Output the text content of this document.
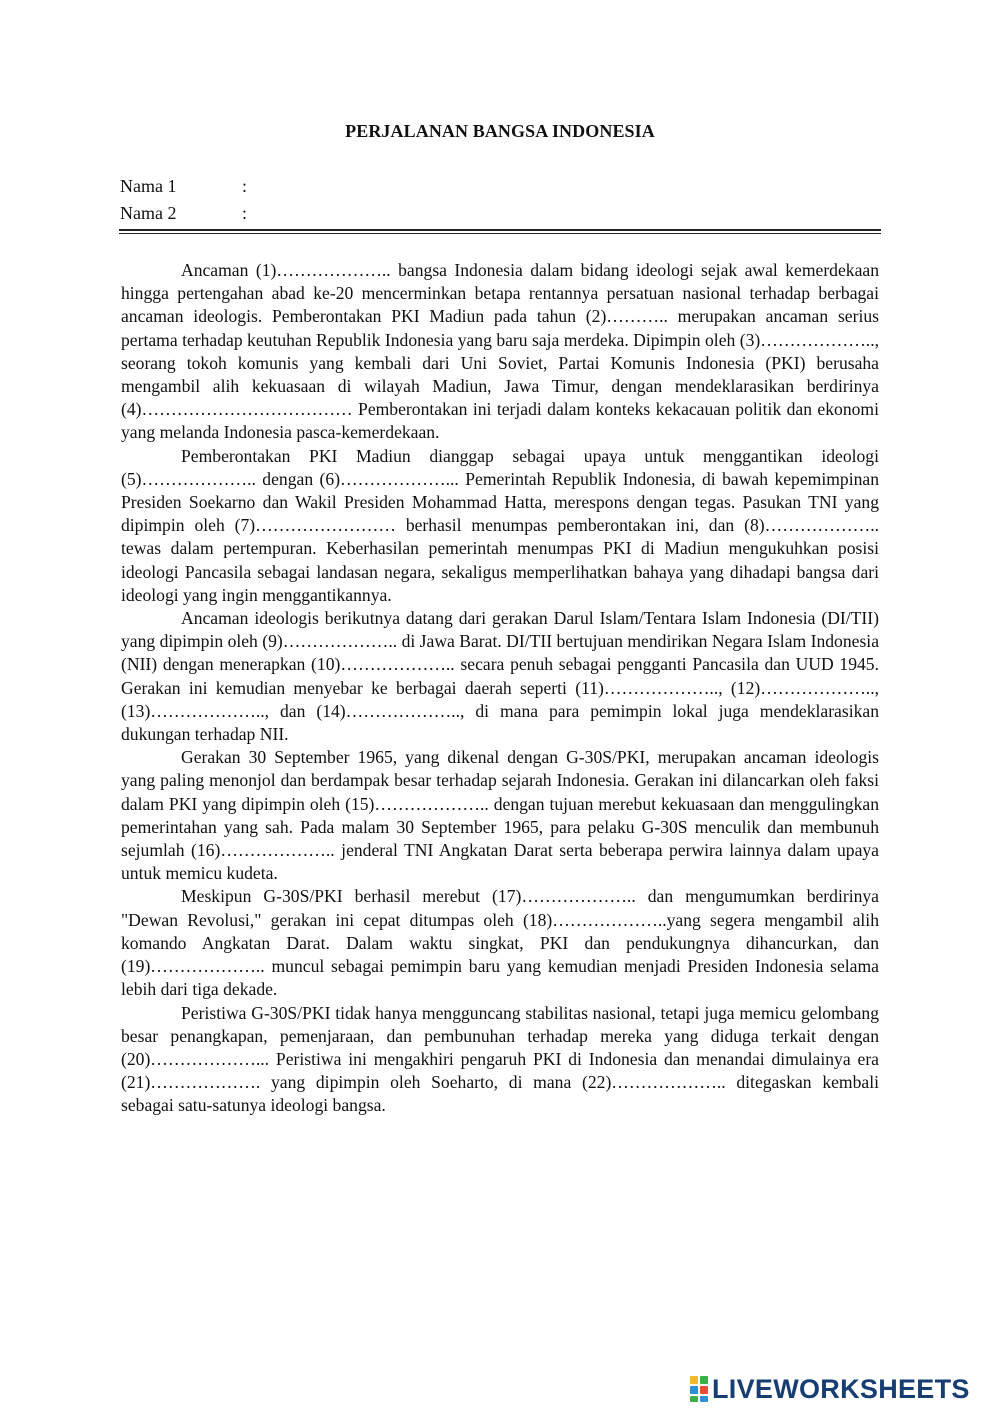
PERJALANAN BANGSA INDONESIA
Nama 1	:
Nama 2	:

Ancaman (1)……………….. bangsa Indonesia dalam bidang ideologi sejak awal kemerdekaan hingga pertengahan abad ke-20 mencerminkan betapa rentannya persatuan nasional terhadap berbagai ancaman ideologis. Pemberontakan PKI Madiun pada tahun (2)……….. merupakan ancaman serius pertama terhadap keutuhan Republik Indonesia yang baru saja merdeka. Dipimpin oleh (3)……………….., seorang tokoh komunis yang kembali dari Uni Soviet, Partai Komunis Indonesia (PKI) berusaha mengambil alih kekuasaan di wilayah Madiun, Jawa Timur, dengan mendeklarasikan berdirinya (4)……………………………… Pemberontakan ini terjadi dalam konteks kekacauan politik dan ekonomi yang melanda Indonesia pasca-kemerdekaan.

Pemberontakan PKI Madiun dianggap sebagai upaya untuk menggantikan ideologi (5)……………….. dengan (6)………………... Pemerintah Republik Indonesia, di bawah kepemimpinan Presiden Soekarno dan Wakil Presiden Mohammad Hatta, merespons dengan tegas. Pasukan TNI yang dipimpin oleh (7)…………………… berhasil menumpas pemberontakan ini, dan (8)……………….. tewas dalam pertempuran. Keberhasilan pemerintah menumpas PKI di Madiun mengukuhkan posisi ideologi Pancasila sebagai landasan negara, sekaligus memperlihatkan bahaya yang dihadapi bangsa dari ideologi yang ingin menggantikannya.

Ancaman ideologis berikutnya datang dari gerakan Darul Islam/Tentara Islam Indonesia (DI/TII) yang dipimpin oleh (9)……………….. di Jawa Barat. DI/TII bertujuan mendirikan Negara Islam Indonesia (NII) dengan menerapkan (10)……………….. secara penuh sebagai pengganti Pancasila dan UUD 1945. Gerakan ini kemudian menyebar ke berbagai daerah seperti (11)……………….., (12)……………….., (13)……………….., dan (14)……………….., di mana para pemimpin lokal juga mendeklarasikan dukungan terhadap NII.

Gerakan 30 September 1965, yang dikenal dengan G-30S/PKI, merupakan ancaman ideologis yang paling menonjol dan berdampak besar terhadap sejarah Indonesia. Gerakan ini dilancarkan oleh faksi dalam PKI yang dipimpin oleh (15)……………….. dengan tujuan merebut kekuasaan dan menggulingkan pemerintahan yang sah. Pada malam 30 September 1965, para pelaku G-30S menculik dan membunuh sejumlah (16)……………….. jenderal TNI Angkatan Darat serta beberapa perwira lainnya dalam upaya untuk memicu kudeta.

Meskipun G-30S/PKI berhasil merebut (17)……………….. dan mengumumkan berdirinya "Dewan Revolusi," gerakan ini cepat ditumpas oleh (18)………………..yang segera mengambil alih komando Angkatan Darat. Dalam waktu singkat, PKI dan pendukungnya dihancurkan, dan (19)……………….. muncul sebagai pemimpin baru yang kemudian menjadi Presiden Indonesia selama lebih dari tiga dekade.

Peristiwa G-30S/PKI tidak hanya mengguncang stabilitas nasional, tetapi juga memicu gelombang besar penangkapan, pemenjaraan, dan pembunuhan terhadap mereka yang diduga terkait dengan (20)………………... Peristiwa ini mengakhiri pengaruh PKI di Indonesia dan menandai dimulainya era (21)………………. yang dipimpin oleh Soeharto, di mana (22)……………….. ditegaskan kembali sebagai satu-satunya ideologi bangsa.

LIVEWORKSHEETS
